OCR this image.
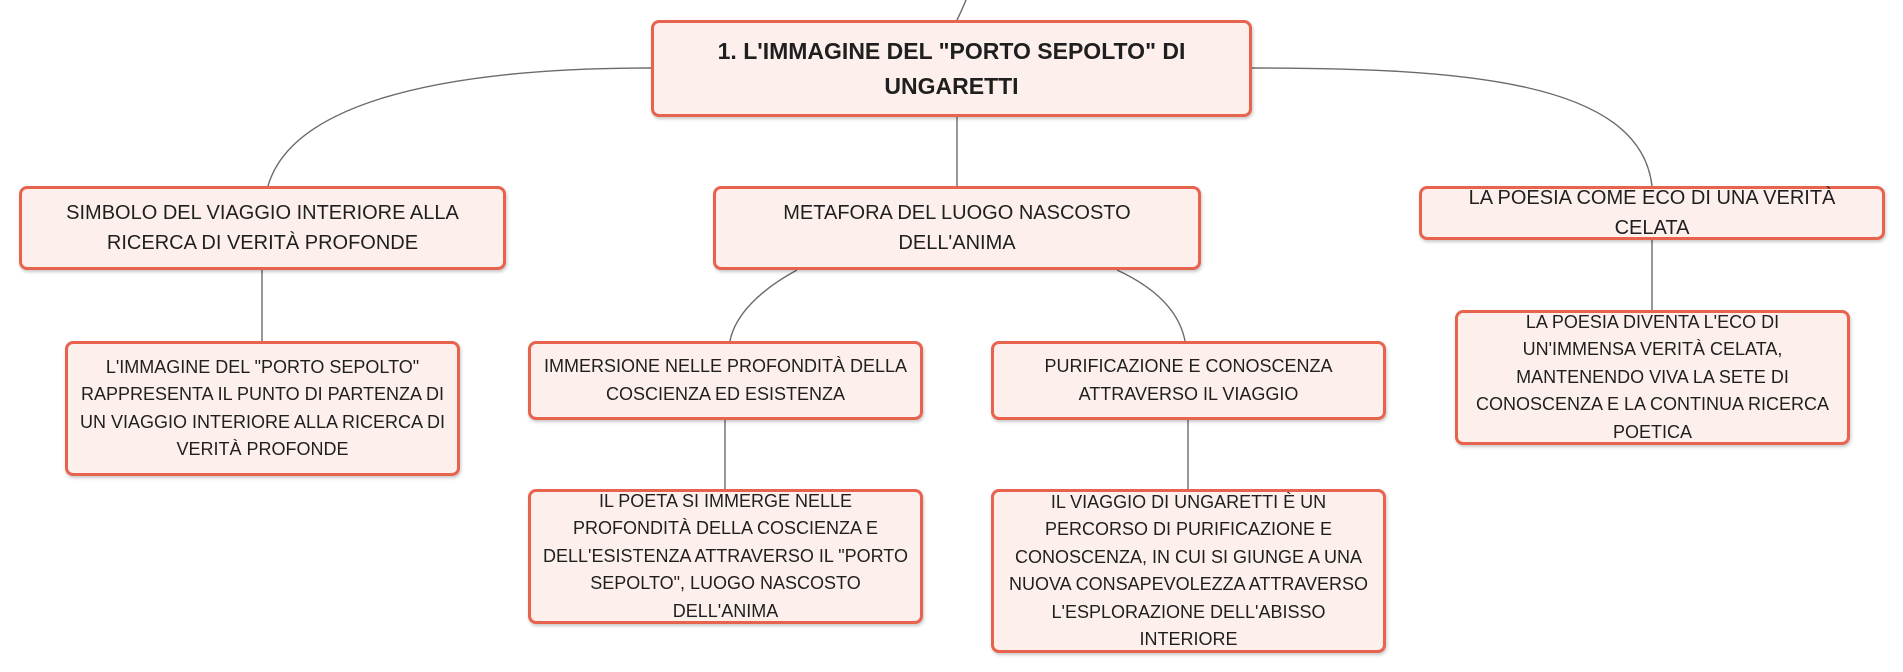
1. L'IMMAGINE DEL "PORTO SEPOLTO" DI UNGARETTI
SIMBOLO DEL VIAGGIO INTERIORE ALLA RICERCA DI VERITÀ PROFONDE
METAFORA DEL LUOGO NASCOSTO DELL'ANIMA
LA POESIA COME ECO DI UNA VERITÀ CELATA
L'IMMAGINE DEL "PORTO SEPOLTO" RAPPRESENTA IL PUNTO DI PARTENZA DI UN VIAGGIO INTERIORE ALLA RICERCA DI VERITÀ PROFONDE
IMMERSIONE NELLE PROFONDITÀ DELLA COSCIENZA ED ESISTENZA
PURIFICAZIONE E CONOSCENZA ATTRAVERSO IL VIAGGIO
LA POESIA DIVENTA L'ECO DI UN'IMMENSA VERITÀ CELATA, MANTENENDO VIVA LA SETE DI CONOSCENZA E LA CONTINUA RICERCA POETICA
IL POETA SI IMMERGE NELLE PROFONDITÀ DELLA COSCIENZA E DELL'ESISTENZA ATTRAVERSO IL "PORTO SEPOLTO", LUOGO NASCOSTO DELL'ANIMA
IL VIAGGIO DI UNGARETTI È UN PERCORSO DI PURIFICAZIONE E CONOSCENZA, IN CUI SI GIUNGE A UNA NUOVA CONSAPEVOLEZZA ATTRAVERSO L'ESPLORAZIONE DELL'ABISSO INTERIORE
